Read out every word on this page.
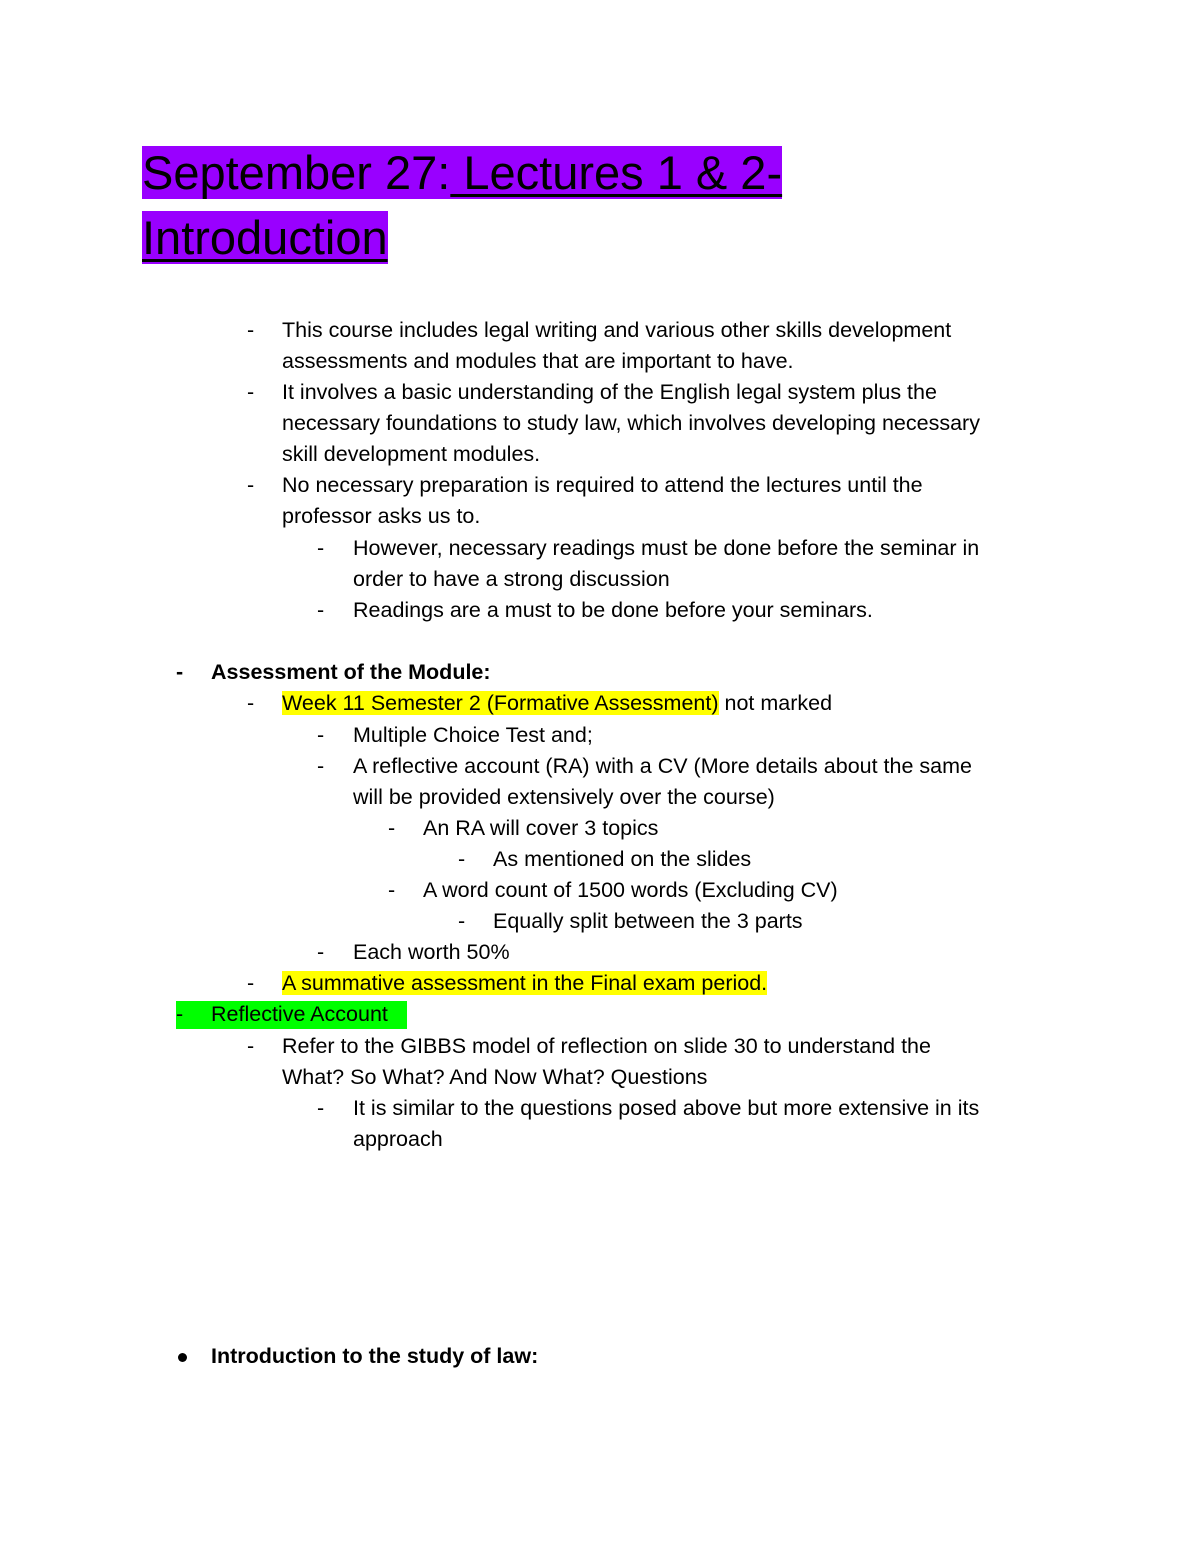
September 27: Lectures 1 & 2-
Introduction
- This course includes legal writing and various other skills development
assessments and modules that are important to have.
- It involves a basic understanding of the English legal system plus the
necessary foundations to study law, which involves developing necessary
skill development modules.
- No necessary preparation is required to attend the lectures until the
professor asks us to.
- However, necessary readings must be done before the seminar in
order to have a strong discussion
- Readings are a must to be done before your seminars.
- Assessment of the Module:
- Week 11 Semester 2 (Formative Assessment) not marked
- Multiple Choice Test and;
- A reflective account (RA) with a CV (More details about the same
will be provided extensively over the course)
- An RA will cover 3 topics
- As mentioned on the slides
- A word count of 1500 words (Excluding CV)
- Equally split between the 3 parts
- Each worth 50%
- A summative assessment in the Final exam period.
- Reflective Account
- Refer to the GIBBS model of reflection on slide 30 to understand the
What? So What? And Now What? Questions
- It is similar to the questions posed above but more extensive in its
approach
Introduction to the study of law:
